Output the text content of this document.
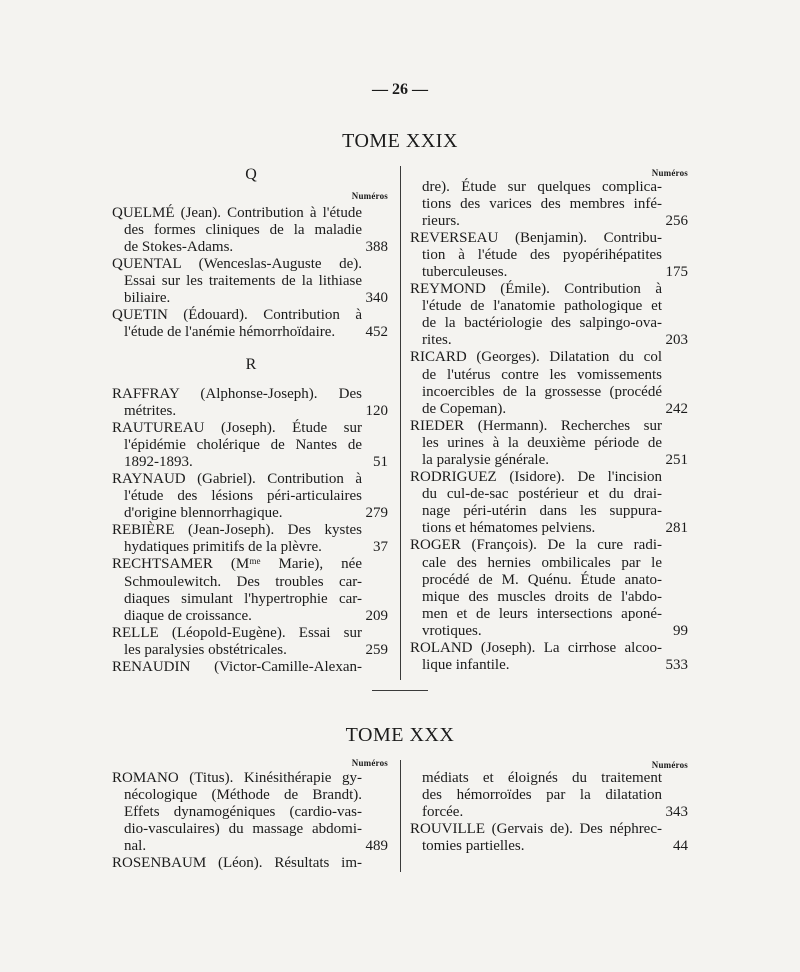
— 26 —
TOME XXIX
Q
Numéros
QUELMÉ (Jean). Contribution à l'étude
des formes cliniques de la maladie
de Stokes-Adams.	388
QUENTAL (Wenceslas-Auguste de).
Essai sur les traitements de la lithiase
biliaire.	340
QUETIN (Édouard). Contribution à
l'étude de l'anémie hémorrhoïdaire. 452
R
RAFFRAY (Alphonse-Joseph). Des
métrites.	120
RAUTUREAU (Joseph). Étude sur
l'épidémie cholérique de Nantes de
1892-1893.	51
RAYNAUD (Gabriel). Contribution à
l'étude des lésions péri-articulaires
d'origine blennorrhagique.	279
REBIÈRE (Jean-Joseph). Des kystes
hydatiques primitifs de la plèvre.	37
RECHTSAMER (Mᵐᵉ Marie), née
Schmoulewitch. Des troubles car-
diaques simulant l'hypertrophie car-
diaque de croissance.	209
RELLE (Léopold-Eugène). Essai sur
les paralysies obstétricales.	259
RENAUDIN (Victor-Camille-Alexan-
Numéros
dre). Étude sur quelques complica-
tions des varices des membres infé-
rieurs.	256
REVERSEAU (Benjamin). Contribu-
tion à l'étude des pyopérihépatites
tuberculeuses.	175
REYMOND (Émile). Contribution à
l'étude de l'anatomie pathologique et
de la bactériologie des salpingo-ova-
rites.	203
RICARD (Georges). Dilatation du col
de l'utérus contre les vomissements
incoercibles de la grossesse (procédé
de Copeman).	242
RIEDER (Hermann). Recherches sur
les urines à la deuxième période de
la paralysie générale.	251
RODRIGUEZ (Isidore). De l'incision
du cul-de-sac postérieur et du drai-
nage péri-utérin dans les suppura-
tions et hématomes pelviens.	281
ROGER (François). De la cure radi-
cale des hernies ombilicales par le
procédé de M. Quénu. Étude anato-
mique des muscles droits de l'abdo-
men et de leurs intersections aponé-
vrotiques.	99
ROLAND (Joseph). La cirrhose alcoo-
lique infantile.	533
TOME XXX
Numéros
ROMANO (Titus). Kinésithérapie gy-
nécologique (Méthode de Brandt).
Effets dynamogéniques (cardio-vas-
dio-vasculaires) du massage abdomi-
nal.	489
ROSENBAUM (Léon). Résultats im-
Numéros
médiats et éloignés du traitement
des hémorroïdes par la dilatation
forcée.	343
ROUVILLE (Gervais de). Des néphrec-
tomies partielles.	44
